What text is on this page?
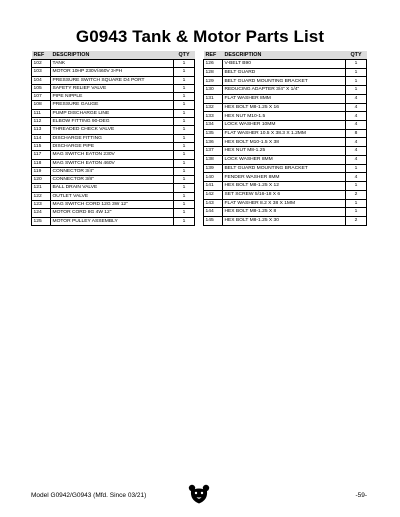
G0943 Tank & Motor Parts List
REF	DESCRIPTION	QTY
102	TANK	1
103	MOTOR 10HP 230V/460V 3-PH	1
104	PRESSURE SWITCH SQUARE D4 PORT	1
105	SAFETY RELIEF VALVE	1
107	PIPE NIPPLE	1
108	PRESSURE GAUGE	1
111	PUMP DISCHARGE LINE	1
112	ELBOW FITTING 90-DEG	1
113	THREADED CHECK VALVE	1
114	DISCHARGE FITTING	1
115	DISCHARGE PIPE	1
117	MAG SWITCH EATON 230V	1
118	MAG SWITCH EATON 460V	1
119	CONNECTOR 3/4"	1
120	CONNECTOR 3/8"	1
121	BALL DRAIN VALVE	1
122	OUTLET VALVE	1
123	MAG SWITCH CORD 12G 3W 12"	1
124	MOTOR CORD 8G 4W 12"	1
125	MOTOR PULLEY ASSEMBLY	1
REF	DESCRIPTION	QTY
126	V-BELT B90	1
128	BELT GUARD	1
129	BELT GUARD MOUNTING BRACKET	1
130	REDUCING ADAPTER 3/4" X 1/4"	1
131	FLAT WASHER 8MM	4
132	HEX BOLT M8-1.25 X 16	4
133	HEX NUT M10-1.5	4
134	LOCK WASHER 10MM	4
135	FLAT WASHER 10.5 X 38.3 X 1.2MM	8
136	HEX BOLT M10-1.5 X 38	4
137	HEX NUT M8-1.25	4
138	LOCK WASHER 8MM	4
139	BELT GUARD MOUNTING BRACKET	1
140	FENDER WASHER 8MM	4
141	HEX BOLT M8-1.25 X 12	1
142	SET SCREW 5/16-18 X 6	2
143	FLAT WASHER 8.2 X 38 X 1MM	1
144	HEX BOLT M8-1.25 X 8	1
145	HEX BOLT M8-1.25 X 30	2
Model G0942/G0943 (Mfd. Since 03/21)	-59-
